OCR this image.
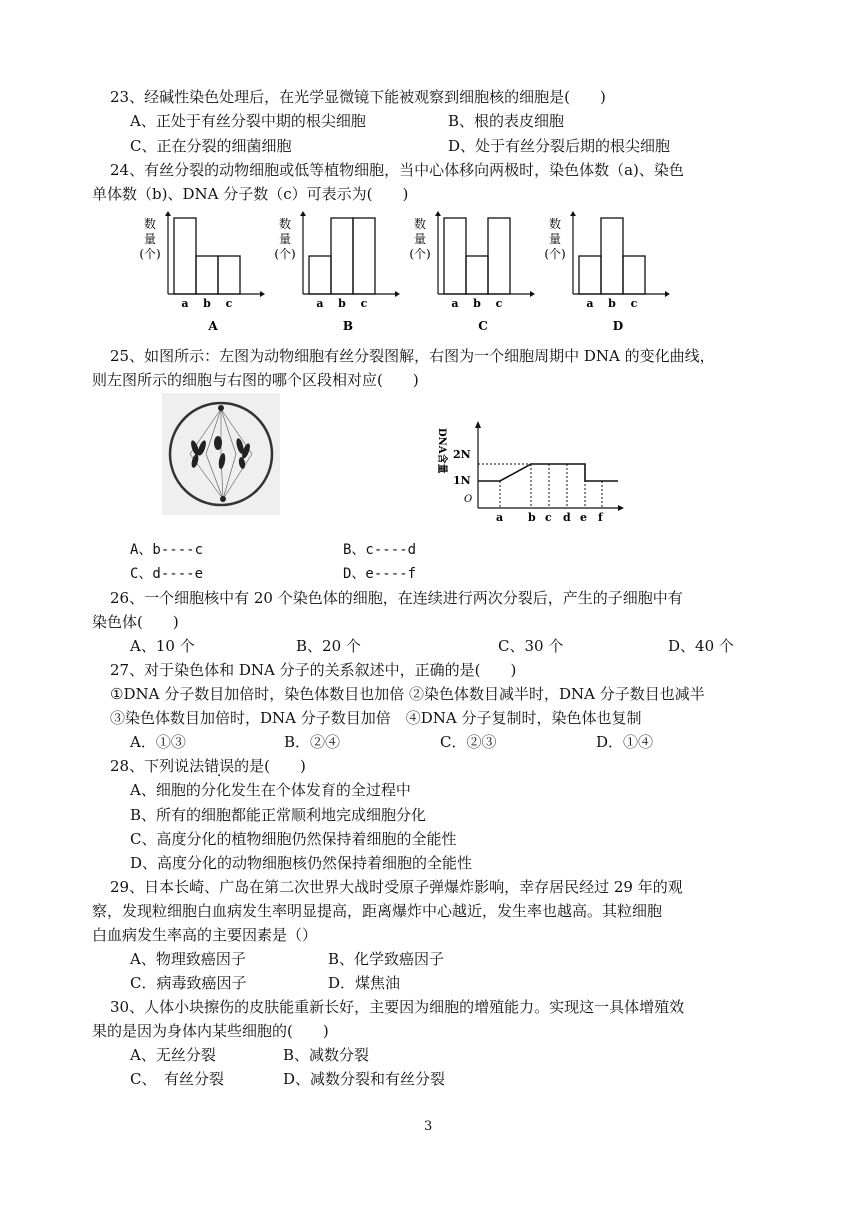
23、经碱性染色处理后，在光学显微镜下能被观察到细胞核的细胞是(　　)
A、正处于有丝分裂中期的根尖细胞	B、根的表皮细胞
C、正在分裂的细菌细胞	D、处于有丝分裂后期的根尖细胞
24、有丝分裂的动物细胞或低等植物细胞，当中心体移向两极时，染色体数（a)、染色
单体数（b)、DNA 分子数（c）可表示为(　　)
数
量
(个)
a b c
A
数
量
(个)
a b c
B
数
量
(个)
a b c
C
数
量
(个)
a b c
D
25、如图所示：左图为动物细胞有丝分裂图解，右图为一个细胞周期中 DNA 的变化曲线，
则左图所示的细胞与右图的哪个区段相对应(　　)
DNA含量 2N
1N
O
a b c d e f
A、b----c	B、c----d
C、d----e	D、e----f
26、一个细胞核中有 20 个染色体的细胞，在连续进行两次分裂后，产生的子细胞中有
染色体(　　)
A、10 个	B、20 个	C、30 个	D、40 个
27、对于染色体和 DNA 分子的关系叙述中，正确的是(　　)
①DNA 分子数目加倍时，染色体数目也加倍 ②染色体数目减半时，DNA 分子数目也减半
③染色体数目加倍时，DNA 分子数目加倍　④DNA 分子复制时，染色体也复制
A．①③	B．②④	C．②③	D．①④
28、下列说法 错误 · 的是(　　)
A、细胞的分化发生在个体发育的全过程中
B、所有的细胞都能正常顺利地完成细胞分化
C、高度分化的植物细胞仍然保持着细胞的全能性
D、高度分化的动物细胞核仍然保持着细胞的全能性
29、日本长崎、广岛在第二次世界大战时受原子弹爆炸影响，幸存居民经过 29 年的观
察，发现粒细胞白血病发生率明显提高，距离爆炸中心越近，发生率也越高。其粒细胞
白血病发生率高的主要因素是（）
A、物理致癌因子	B、化学致癌因子
C．病毒致癌因子	D．煤焦油
30、人体小块擦伤的皮肤能重新长好，主要因为细胞的增殖能力。实现这一具体增殖效
果的是因为身体内某些细胞的(　　)
A、无丝分裂	B、减数分裂
C、　有丝分裂	D、减数分裂和有丝分裂
3
